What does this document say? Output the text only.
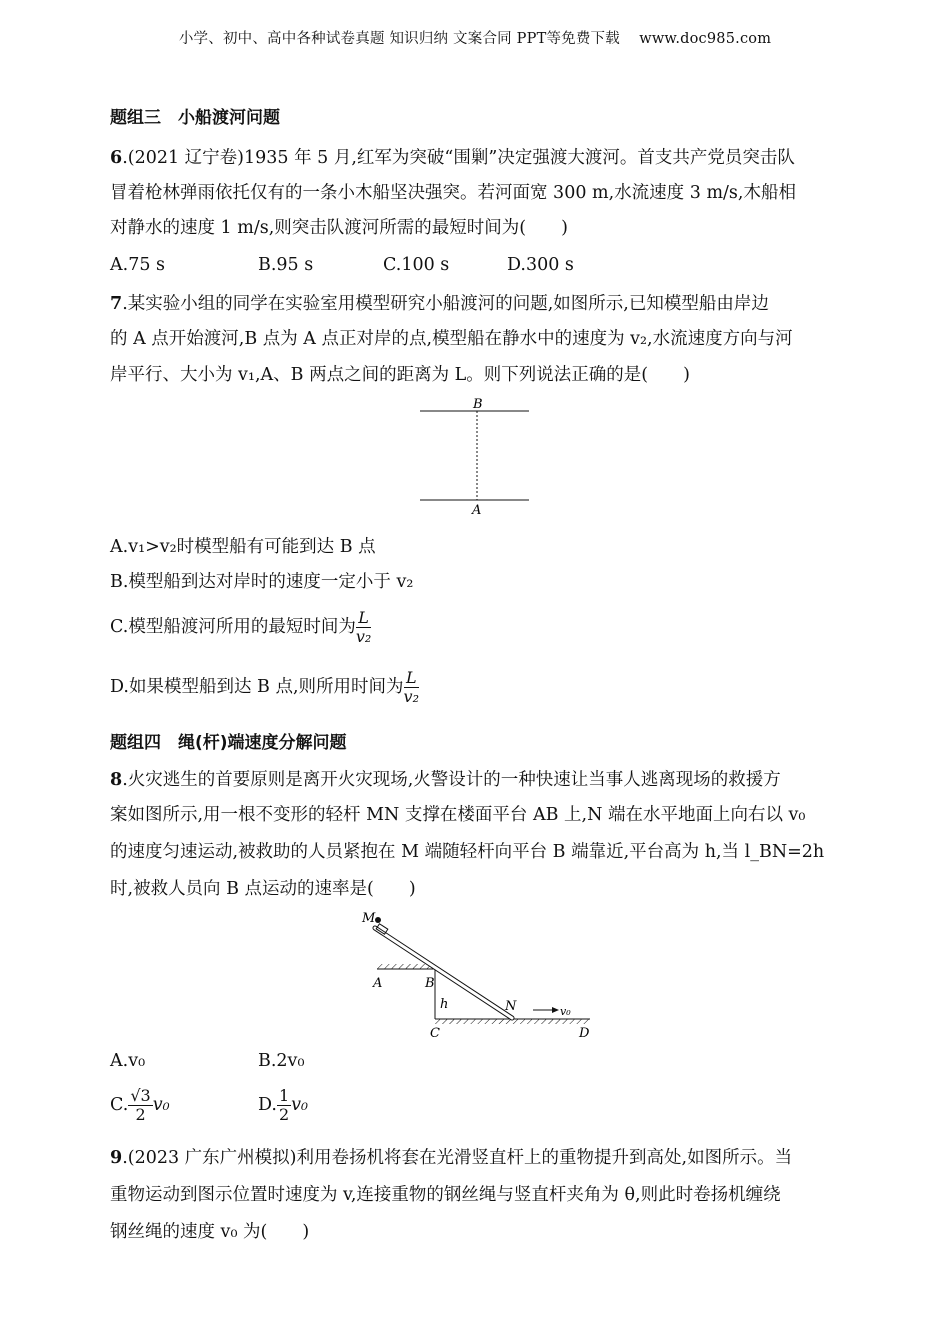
小学、初中、高中各种试卷真题 知识归纳 文案合同 PPT等免费下载 www.doc985.com
题组三　小船渡河问题
6.(2021 辽宁卷)1935 年 5 月,红军为突破“围剿”决定强渡大渡河。首支共产党员突击队
冒着枪林弹雨依托仅有的一条小木船坚决强突。若河面宽 300 m,水流速度 3 m/s,木船相
对静水的速度 1 m/s,则突击队渡河所需的最短时间为(　　)
A.75 s	B.95 s	C.100 s	D.300 s
7.某实验小组的同学在实验室用模型研究小船渡河的问题,如图所示,已知模型船由岸边
的 A 点开始渡河,B 点为 A 点正对岸的点,模型船在静水中的速度为 v₂,水流速度方向与河
岸平行、大小为 v₁,A、B 两点之间的距离为 L。则下列说法正确的是(　　)
B
A
A.v₁>v₂时模型船有可能到达 B 点
B.模型船到达对岸时的速度一定小于 v₂
C.模型船渡河所用的最短时间为 $\frac{L}{\text{v₂}}$
D.如果模型船到达 B 点,则所用时间为 $\frac{L}{\text{v₂}}$
题组四　绳(杆)端速度分解问题
8.火灾逃生的首要原则是离开火灾现场,火警设计的一种快速让当事人逃离现场的救援方
案如图所示,用一根不变形的轻杆 MN 支撑在楼面平台 AB 上,N 端在水平地面上向右以 v₀
的速度匀速运动,被救助的人员紧抱在 M 端随轻杆向平台 B 端靠近,平台高为 h,当 l_BN=2h
时,被救人员向 B 点运动的速率是(　　)
M
A	B
h	N	v₀
C	D
A.v₀	B.2v₀
C. $\frac{√3}{2} v_0$	D. $\frac{1}{2} v_0$
9.(2023 广东广州模拟)利用卷扬机将套在光滑竖直杆上的重物提升到高处,如图所示。当
重物运动到图示位置时速度为 v,连接重物的钢丝绳与竖直杆夹角为 θ,则此时卷扬机缠绕
钢丝绳的速度 v₀ 为(　　)
